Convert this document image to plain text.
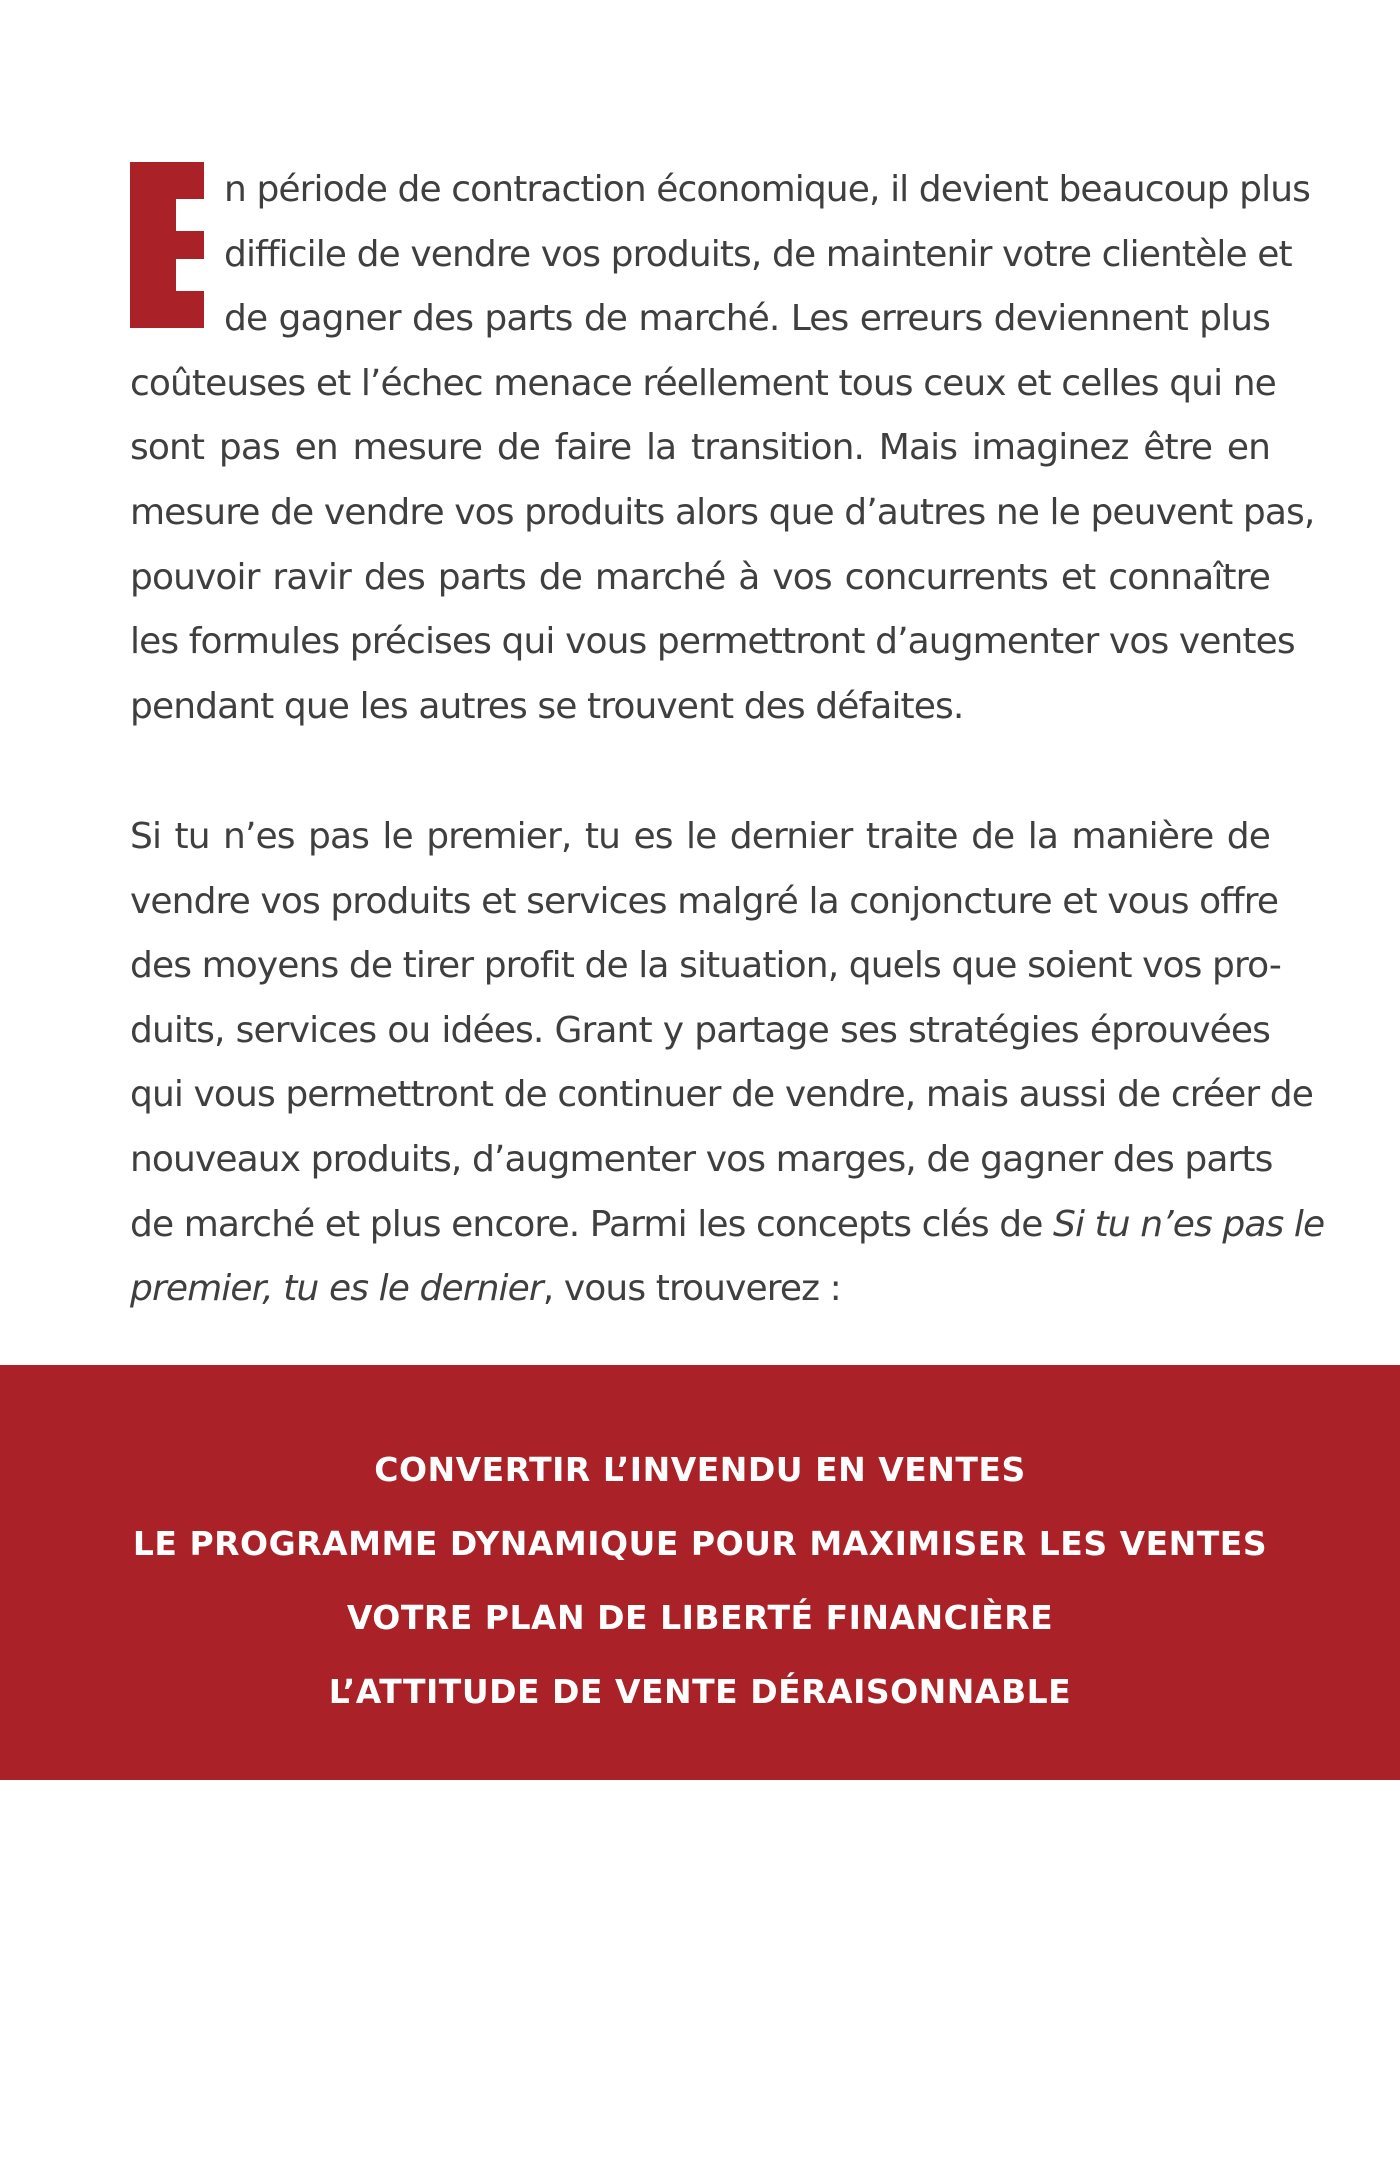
n période de contraction économique, il devient beaucoup plus
difficile de vendre vos produits, de maintenir votre clientèle et
de gagner des parts de marché. Les erreurs deviennent plus
coûteuses et l’échec menace réellement tous ceux et celles qui ne
sont pas en mesure de faire la transition. Mais imaginez être en
mesure de vendre vos produits alors que d’autres ne le peuvent pas,
pouvoir ravir des parts de marché à vos concurrents et connaître
les formules précises qui vous permettront d’augmenter vos ventes
pendant que les autres se trouvent des défaites.
Si tu n’es pas le premier, tu es le dernier traite de la manière de
vendre vos produits et services malgré la conjoncture et vous offre
des moyens de tirer profit de la situation, quels que soient vos pro-
duits, services ou idées. Grant y partage ses stratégies éprouvées
qui vous permettront de continuer de vendre, mais aussi de créer de
nouveaux produits, d’augmenter vos marges, de gagner des parts
de marché et plus encore. Parmi les concepts clés de Si tu n’es pas le
premier, tu es le dernier, vous trouverez :
CONVERTIR L’INVENDU EN VENTES
LE PROGRAMME DYNAMIQUE POUR MAXIMISER LES VENTES
VOTRE PLAN DE LIBERTÉ FINANCIÈRE
L’ATTITUDE DE VENTE DÉRAISONNABLE
